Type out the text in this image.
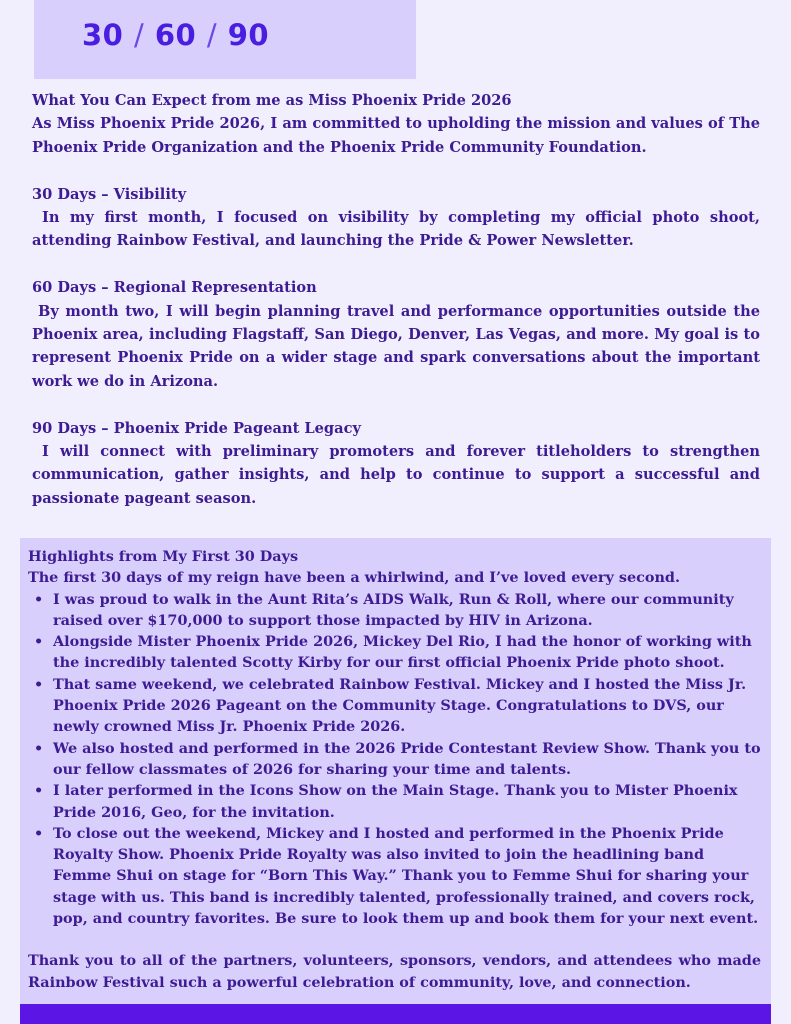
30 / 60 / 90

What You Can Expect from me as Miss Phoenix Pride 2026

As Miss Phoenix Pride 2026, I am committed to upholding the mission and values of The Phoenix Pride Organization and the Phoenix Pride Community Foundation.

30 Days – Visibility

In my first month, I focused on visibility by completing my official photo shoot, attending Rainbow Festival, and launching the Pride & Power Newsletter.

60 Days – Regional Representation

By month two, I will begin planning travel and performance opportunities outside the Phoenix area, including Flagstaff, San Diego, Denver, Las Vegas, and more. My goal is to represent Phoenix Pride on a wider stage and spark conversations about the important work we do in Arizona.

90 Days – Phoenix Pride Pageant Legacy

I will connect with preliminary promoters and forever titleholders to strengthen communication, gather insights, and help to continue to support a successful and passionate pageant season.

Highlights from My First 30 Days

The first 30 days of my reign have been a whirlwind, and I’ve loved every second.

• I was proud to walk in the Aunt Rita’s AIDS Walk, Run & Roll, where our community raised over $170,000 to support those impacted by HIV in Arizona.
• Alongside Mister Phoenix Pride 2026, Mickey Del Rio, I had the honor of working with the incredibly talented Scotty Kirby for our first official Phoenix Pride photo shoot.
• That same weekend, we celebrated Rainbow Festival. Mickey and I hosted the Miss Jr. Phoenix Pride 2026 Pageant on the Community Stage. Congratulations to DVS, our newly crowned Miss Jr. Phoenix Pride 2026.
• We also hosted and performed in the 2026 Pride Contestant Review Show. Thank you to our fellow classmates of 2026 for sharing your time and talents.
• I later performed in the Icons Show on the Main Stage. Thank you to Mister Phoenix Pride 2016, Geo, for the invitation.
• To close out the weekend, Mickey and I hosted and performed in the Phoenix Pride Royalty Show. Phoenix Pride Royalty was also invited to join the headlining band Femme Shui on stage for “Born This Way.” Thank you to Femme Shui for sharing your stage with us. This band is incredibly talented, professionally trained, and covers rock, pop, and country favorites. Be sure to look them up and book them for your next event.

Thank you to all of the partners, volunteers, sponsors, vendors, and attendees who made Rainbow Festival such a powerful celebration of community, love, and connection.
